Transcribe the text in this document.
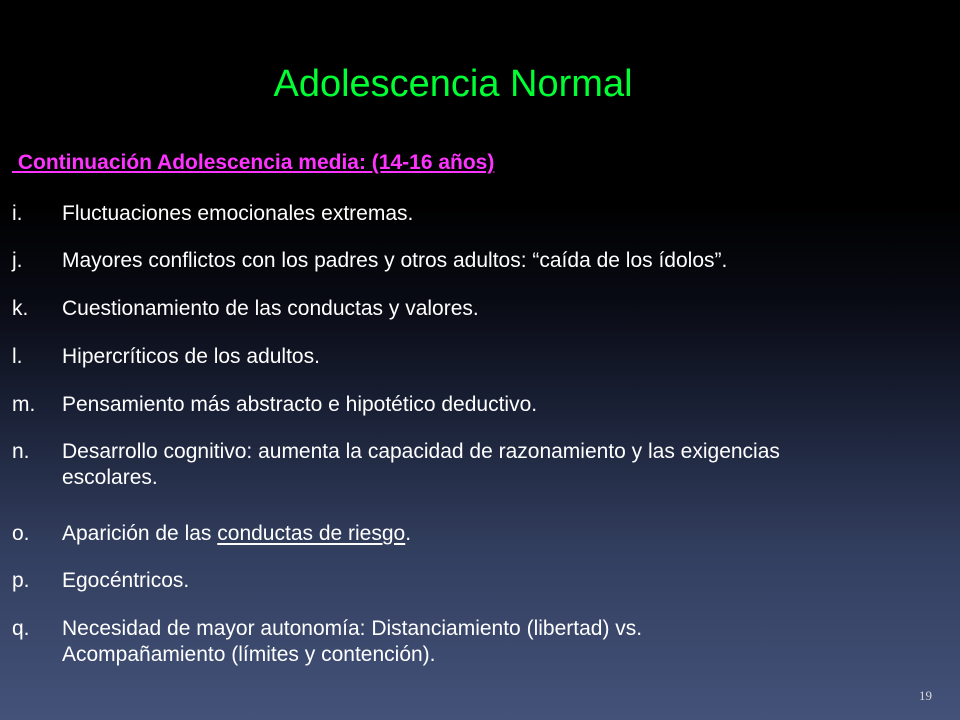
Adolescencia Normal
Continuación Adolescencia media: (14-16 años)
i. Fluctuaciones emocionales extremas.
j. Mayores conflictos con los padres y otros adultos: “caída de los ídolos”.
k. Cuestionamiento de las conductas y valores.
l. Hipercríticos de los adultos.
m. Pensamiento más abstracto e hipotético deductivo.
n. Desarrollo cognitivo: aumenta la capacidad de razonamiento y las exigencias
escolares.
o. Aparición de las conductas de riesgo.
p. Egocéntricos.
q. Necesidad de mayor autonomía: Distanciamiento (libertad) vs.
Acompañamiento (límites y contención).
19
